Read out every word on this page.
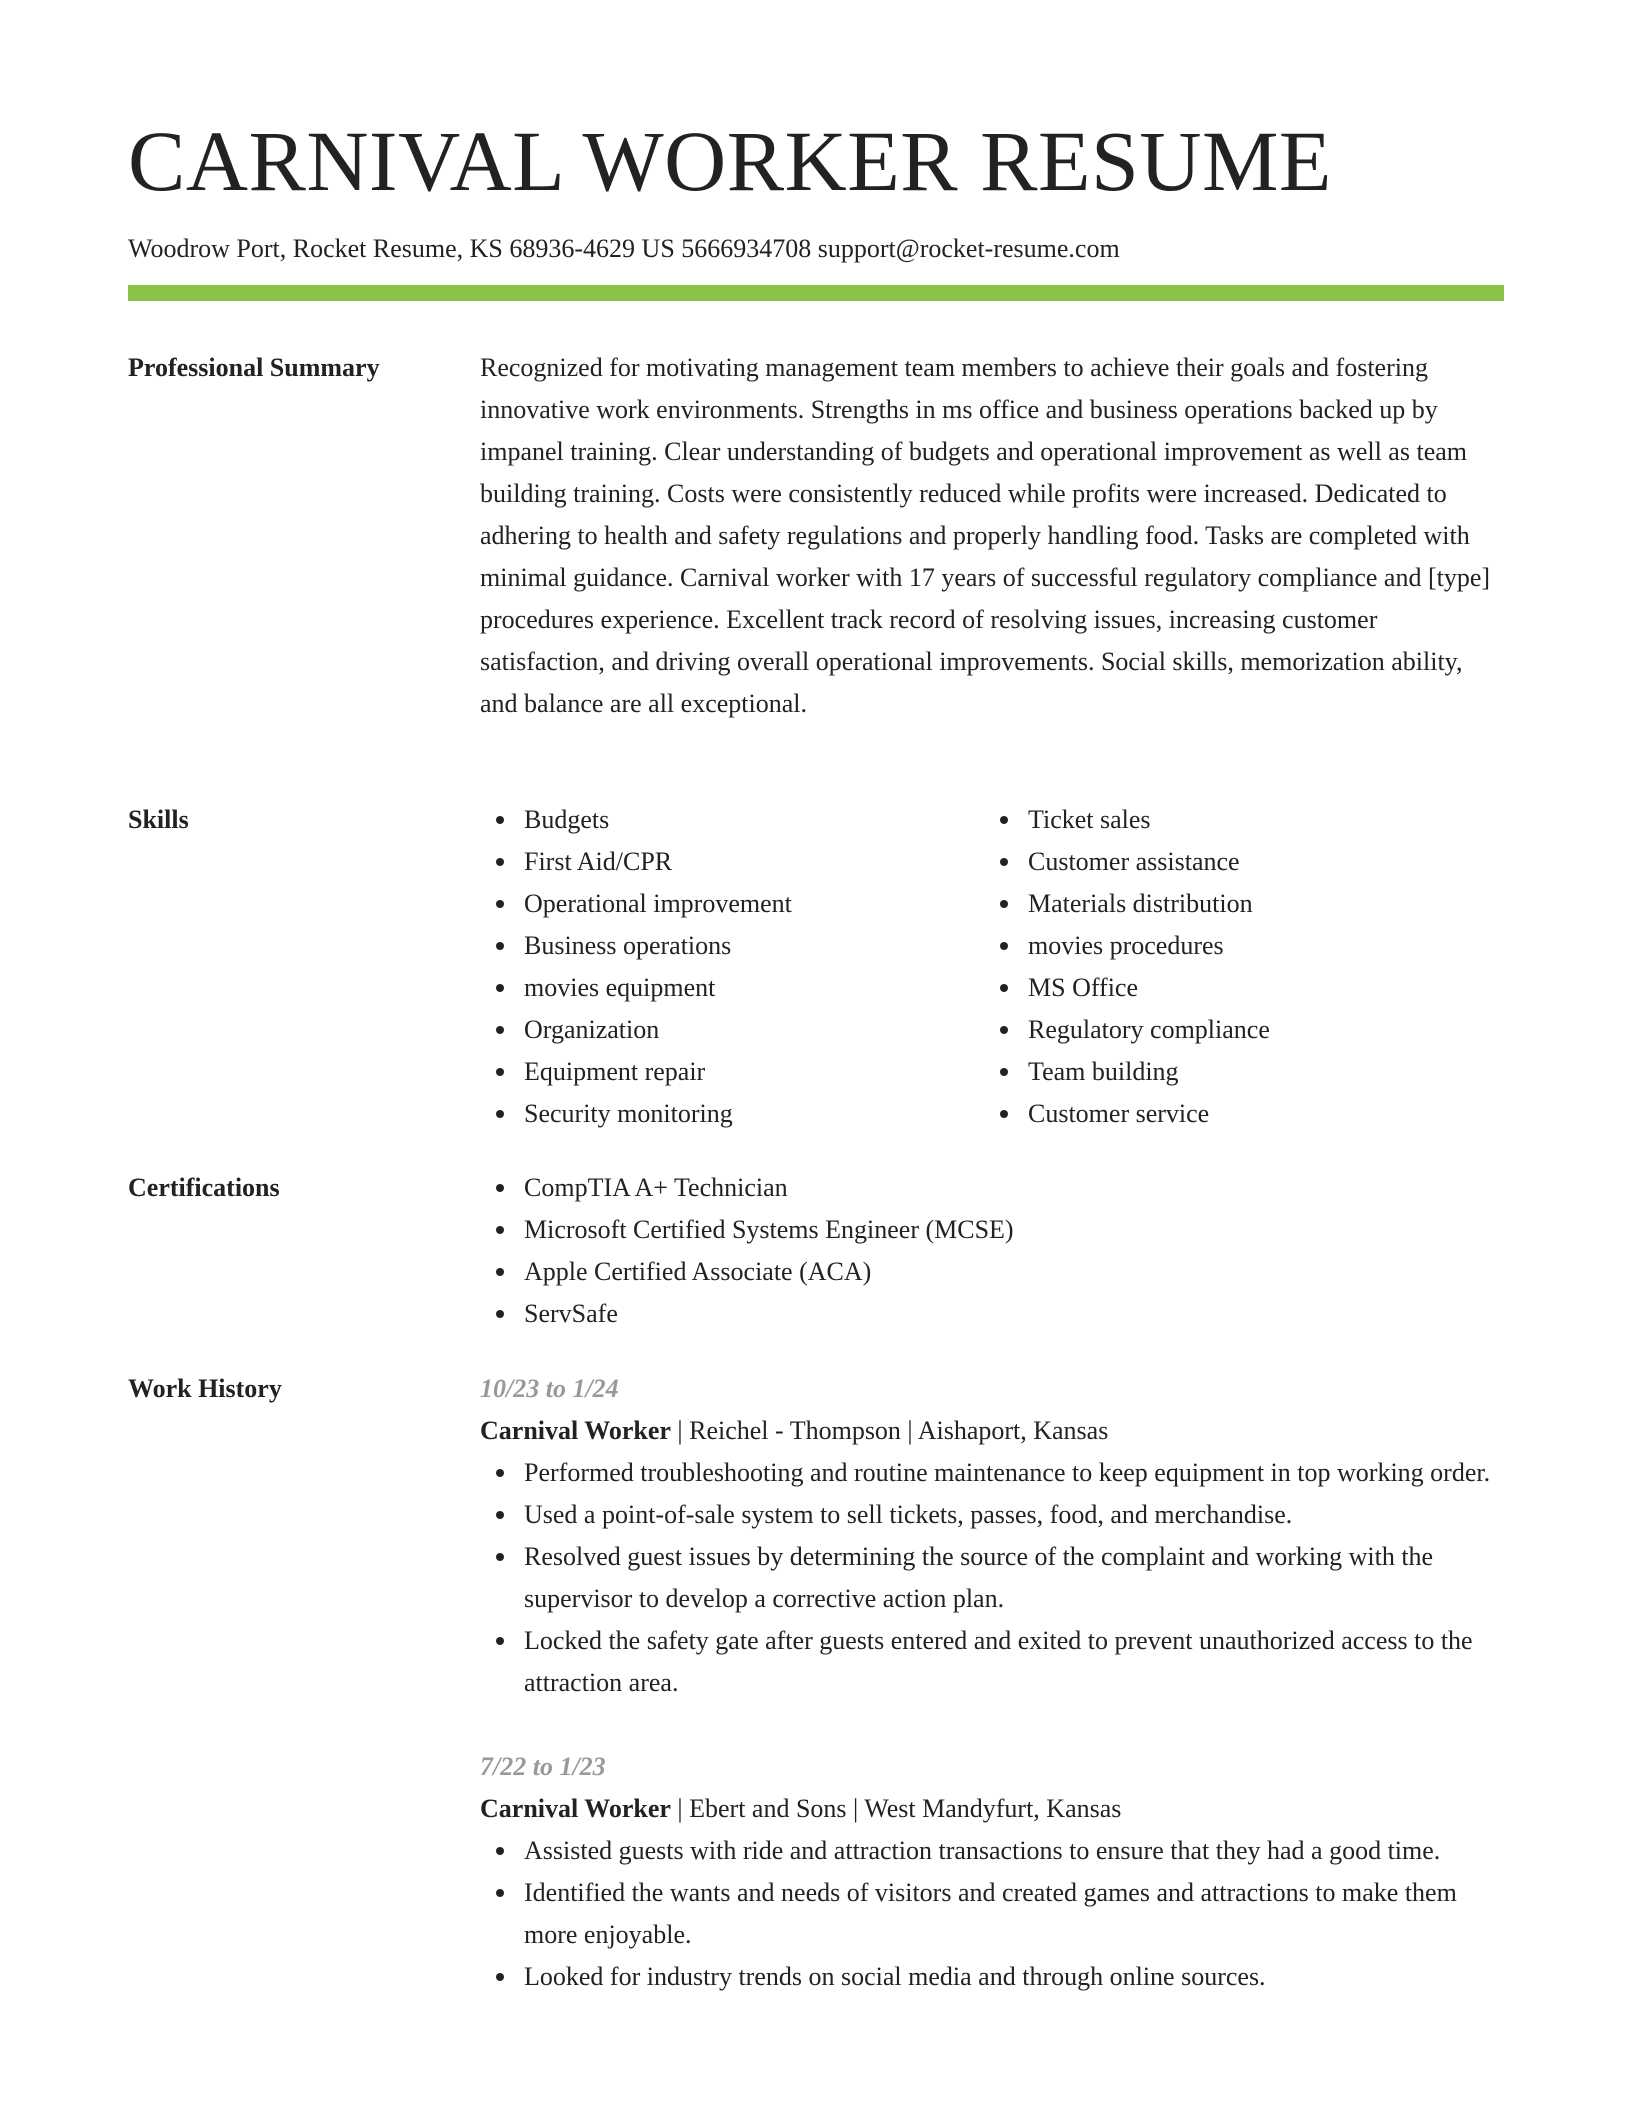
CARNIVAL WORKER RESUME
Woodrow Port, Rocket Resume, KS 68936-4629 US 5666934708 support@rocket-resume.com
Professional Summary	Recognized for motivating management team members to achieve their goals and fostering innovative work environments. Strengths in ms office and business operations backed up by impanel training. Clear understanding of budgets and operational improvement as well as team building training. Costs were consistently reduced while profits were increased. Dedicated to adhering to health and safety regulations and properly handling food. Tasks are completed with minimal guidance. Carnival worker with 17 years of successful regulatory compliance and [type] procedures experience. Excellent track record of resolving issues, increasing customer satisfaction, and driving overall operational improvements. Social skills, memorization ability, and balance are all exceptional.

Skills	Budgets
First Aid/CPR
Operational improvement
Business operations
movies equipment
Organization
Equipment repair
Security monitoring
Ticket sales
Customer assistance
Materials distribution
movies procedures
MS Office
Regulatory compliance
Team building
Customer service
Certifications	CompTIA A+ Technician
Microsoft Certified Systems Engineer (MCSE)
Apple Certified Associate (ACA)
ServSafe
Work History	10/23 to 1/24
Carnival Worker | Reichel - Thompson | Aishaport, Kansas
Performed troubleshooting and routine maintenance to keep equipment in top working order.
Used a point-of-sale system to sell tickets, passes, food, and merchandise.
Resolved guest issues by determining the source of the complaint and working with the supervisor to develop a corrective action plan.
Locked the safety gate after guests entered and exited to prevent unauthorized access to the attraction area.
7/22 to 1/23
Carnival Worker | Ebert and Sons | West Mandyfurt, Kansas
Assisted guests with ride and attraction transactions to ensure that they had a good time.
Identified the wants and needs of visitors and created games and attractions to make them more enjoyable.
Looked for industry trends on social media and through online sources.
